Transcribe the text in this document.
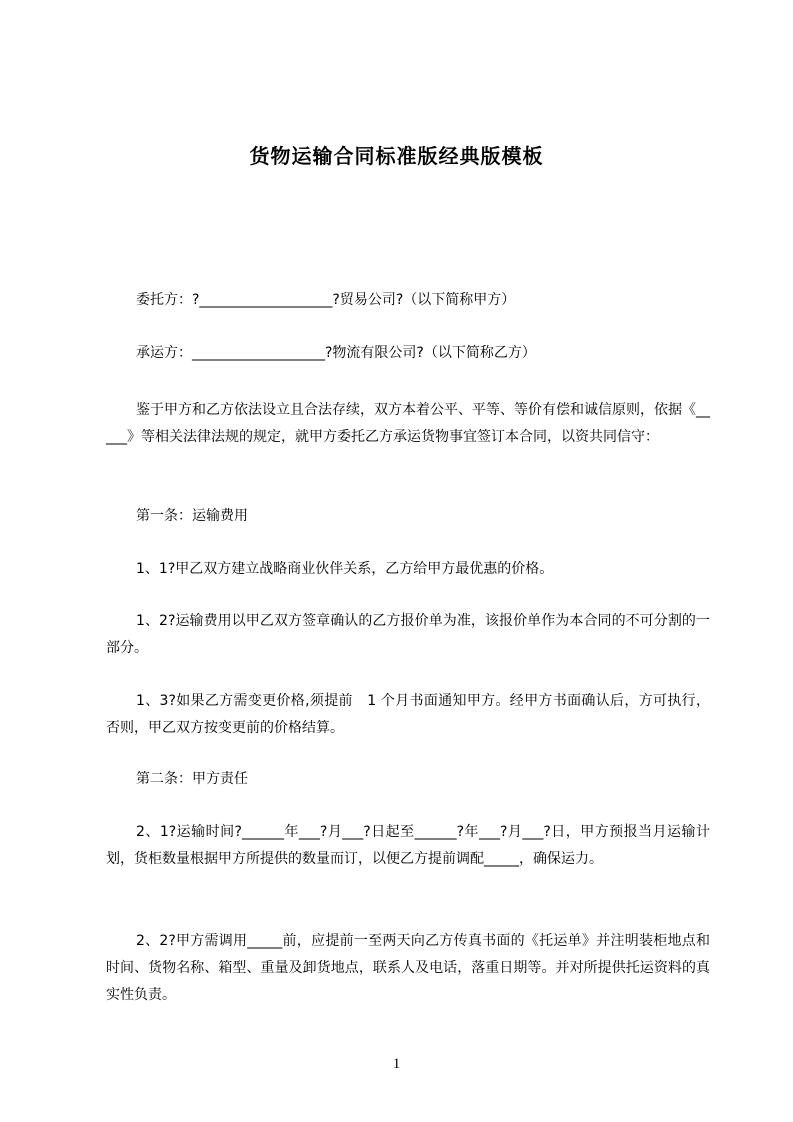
货物运输合同标准版经典版模板

委托方：?___________________?贸易公司?（以下简称甲方）

承运方：___________________?物流有限公司?（以下简称乙方）

鉴于甲方和乙方依法设立且合法存续，双方本着公平、平等、等价有偿和诚信原则，依据《_____》等相关法律法规的规定，就甲方委托乙方承运货物事宜签订本合同，以资共同信守：

第一条：运输费用

1、1?甲乙双方建立战略商业伙伴关系，乙方给甲方最优惠的价格。

1、2?运输费用以甲乙双方签章确认的乙方报价单为准，该报价单作为本合同的不可分割的一部分。

1、3?如果乙方需变更价格,须提前　1 个月书面通知甲方。经甲方书面确认后，方可执行，否则，甲乙双方按变更前的价格结算。

第二条：甲方责任

2、1?运输时间?______年___?月___?日起至______?年___?月___?日，甲方预报当月运输计划，货柜数量根据甲方所提供的数量而订，以便乙方提前调配_____，确保运力。

2、2?甲方需调用_____前，应提前一至两天向乙方传真书面的《托运单》并注明装柜地点和时间、货物名称、箱型、重量及卸货地点，联系人及电话，落重日期等。并对所提供托运资料的真实性负责。

1
